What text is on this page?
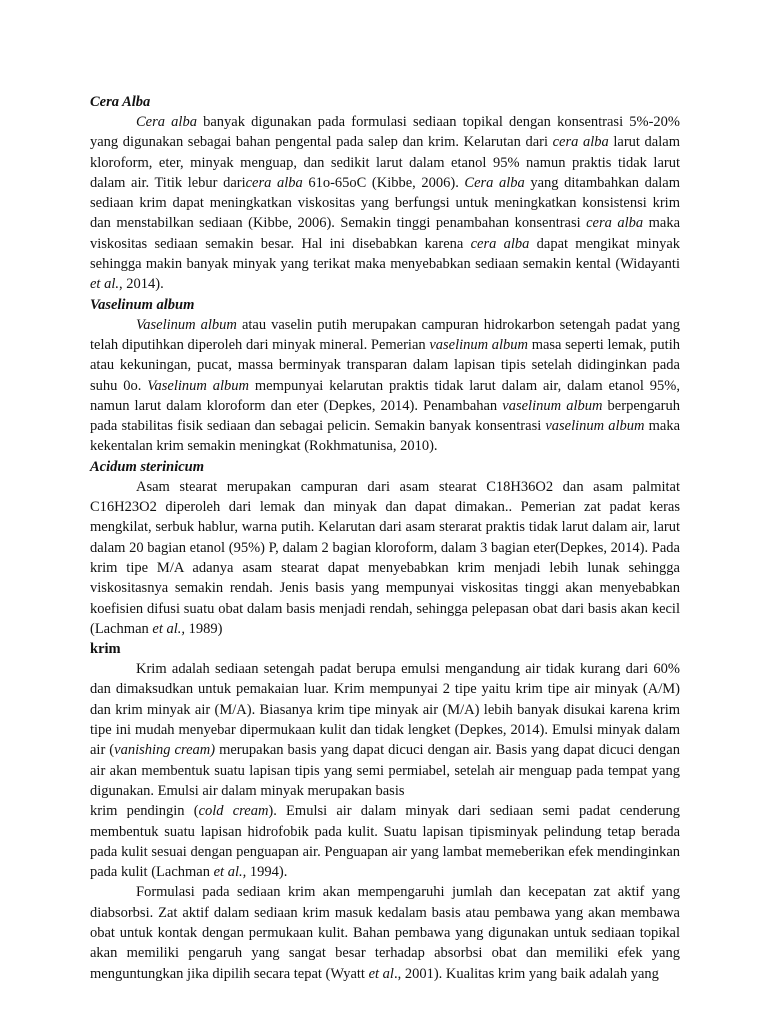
Cera Alba

Cera alba banyak digunakan pada formulasi sediaan topikal dengan konsentrasi 5%-20% yang digunakan sebagai bahan pengental pada salep dan krim. Kelarutan dari cera alba larut dalam kloroform, eter, minyak menguap, dan sedikit larut dalam etanol 95% namun praktis tidak larut dalam air. Titik lebur daricera alba 61o-65oC (Kibbe, 2006). Cera alba yang ditambahkan dalam sediaan krim dapat meningkatkan viskositas yang berfungsi untuk meningkatkan konsistensi krim dan menstabilkan sediaan (Kibbe, 2006). Semakin tinggi penambahan konsentrasi cera alba maka viskositas sediaan semakin besar. Hal ini disebabkan karena cera alba dapat mengikat minyak sehingga makin banyak minyak yang terikat maka menyebabkan sediaan semakin kental (Widayanti et al., 2014).

Vaselinum album

Vaselinum album atau vaselin putih merupakan campuran hidrokarbon setengah padat yang telah diputihkan diperoleh dari minyak mineral. Pemerian vaselinum album masa seperti lemak, putih atau kekuningan, pucat, massa berminyak transparan dalam lapisan tipis setelah didinginkan pada suhu 0o. Vaselinum album mempunyai kelarutan praktis tidak larut dalam air, dalam etanol 95%, namun larut dalam kloroform dan eter (Depkes, 2014). Penambahan vaselinum album berpengaruh pada stabilitas fisik sediaan dan sebagai pelicin. Semakin banyak konsentrasi vaselinum album maka kekentalan krim semakin meningkat (Rokhmatunisa, 2010).

Acidum sterinicum

Asam stearat merupakan campuran dari asam stearat C18H36O2 dan asam palmitat C16H23O2 diperoleh dari lemak dan minyak dan dapat dimakan.. Pemerian zat padat keras mengkilat, serbuk hablur, warna putih. Kelarutan dari asam sterarat praktis tidak larut dalam air, larut dalam 20 bagian etanol (95%) P, dalam 2 bagian kloroform, dalam 3 bagian eter(Depkes, 2014). Pada krim tipe M/A adanya asam stearat dapat menyebabkan krim menjadi lebih lunak sehingga viskositasnya semakin rendah. Jenis basis yang mempunyai viskositas tinggi akan menyebabkan koefisien difusi suatu obat dalam basis menjadi rendah, sehingga pelepasan obat dari basis akan kecil (Lachman et al., 1989)

krim

Krim adalah sediaan setengah padat berupa emulsi mengandung air tidak kurang dari 60% dan dimaksudkan untuk pemakaian luar. Krim mempunyai 2 tipe yaitu krim tipe air minyak (A/M) dan krim minyak air (M/A). Biasanya krim tipe minyak air (M/A) lebih banyak disukai karena krim tipe ini mudah menyebar dipermukaan kulit dan tidak lengket (Depkes, 2014). Emulsi minyak dalam air (vanishing cream) merupakan basis yang dapat dicuci dengan air. Basis yang dapat dicuci dengan air akan membentuk suatu lapisan tipis yang semi permiabel, setelah air menguap pada tempat yang digunakan. Emulsi air dalam minyak merupakan basis

krim pendingin (cold cream). Emulsi air dalam minyak dari sediaan semi padat cenderung membentuk suatu lapisan hidrofobik pada kulit. Suatu lapisan tipisminyak pelindung tetap berada pada kulit sesuai dengan penguapan air. Penguapan air yang lambat memeberikan efek mendinginkan pada kulit (Lachman et al., 1994).

Formulasi pada sediaan krim akan mempengaruhi jumlah dan kecepatan zat aktif yang diabsorbsi. Zat aktif dalam sediaan krim masuk kedalam basis atau pembawa yang akan membawa obat untuk kontak dengan permukaan kulit. Bahan pembawa yang digunakan untuk sediaan topikal akan memiliki pengaruh yang sangat besar terhadap absorbsi obat dan memiliki efek yang menguntungkan jika dipilih secara tepat (Wyatt et al., 2001). Kualitas krim yang baik adalah yang
